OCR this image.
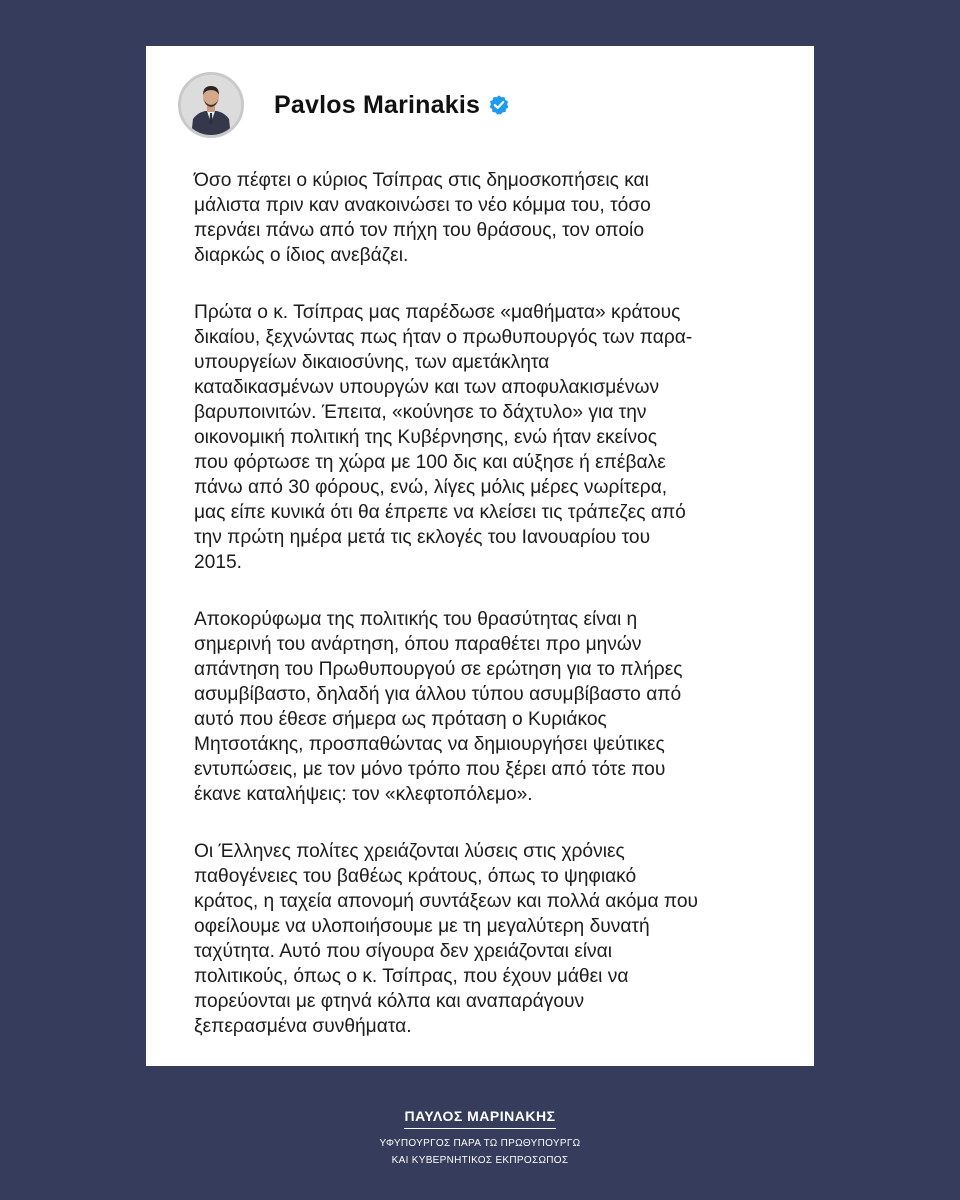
Pavlos Marinakis

Όσο πέφτει ο κύριος Τσίπρας στις δημοσκοπήσεις και
μάλιστα πριν καν ανακοινώσει το νέο κόμμα του, τόσο
περνάει πάνω από τον πήχη του θράσους, τον οποίο
διαρκώς ο ίδιος ανεβάζει.

Πρώτα ο κ. Τσίπρας μας παρέδωσε «μαθήματα» κράτους
δικαίου, ξεχνώντας πως ήταν ο πρωθυπουργός των παρα-
υπουργείων δικαιοσύνης, των αμετάκλητα
καταδικασμένων υπουργών και των αποφυλακισμένων
βαρυποινιτών. Έπειτα, «κούνησε το δάχτυλο» για την
οικονομική πολιτική της Κυβέρνησης, ενώ ήταν εκείνος
που φόρτωσε τη χώρα με 100 δις και αύξησε ή επέβαλε
πάνω από 30 φόρους, ενώ, λίγες μόλις μέρες νωρίτερα,
μας είπε κυνικά ότι θα έπρεπε να κλείσει τις τράπεζες από
την πρώτη ημέρα μετά τις εκλογές του Ιανουαρίου του
2015.

Αποκορύφωμα της πολιτικής του θρασύτητας είναι η
σημερινή του ανάρτηση, όπου παραθέτει προ μηνών
απάντηση του Πρωθυπουργού σε ερώτηση για το πλήρες
ασυμβίβαστο, δηλαδή για άλλου τύπου ασυμβίβαστο από
αυτό που έθεσε σήμερα ως πρόταση ο Κυριάκος
Μητσοτάκης, προσπαθώντας να δημιουργήσει ψεύτικες
εντυπώσεις, με τον μόνο τρόπο που ξέρει από τότε που
έκανε καταλήψεις: τον «κλεφτοπόλεμο».

Οι Έλληνες πολίτες χρειάζονται λύσεις στις χρόνιες
παθογένειες του βαθέως κράτους, όπως το ψηφιακό
κράτος, η ταχεία απονομή συντάξεων και πολλά ακόμα που
οφείλουμε να υλοποιήσουμε με τη μεγαλύτερη δυνατή
ταχύτητα. Αυτό που σίγουρα δεν χρειάζονται είναι
πολιτικούς, όπως ο κ. Τσίπρας, που έχουν μάθει να
πορεύονται με φτηνά κόλπα και αναπαράγουν
ξεπερασμένα συνθήματα.

ΠΑΥΛΟΣ ΜΑΡΙΝΑΚΗΣ
ΥΦΥΠΟΥΡΓΟΣ ΠΑΡΑ ΤΩ ΠΡΩΘΥΠΟΥΡΓΩ
ΚΑΙ ΚΥΒΕΡΝΗΤΙΚΟΣ ΕΚΠΡΟΣΩΠΟΣ
